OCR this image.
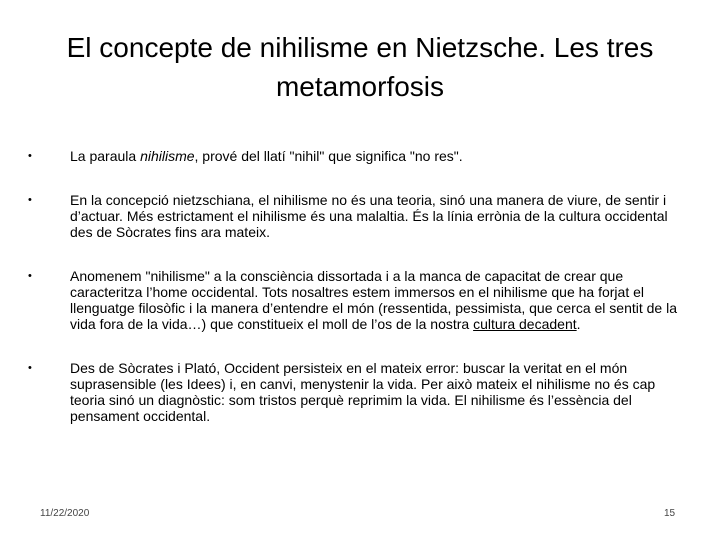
El concepte de nihilisme en Nietzsche. Les tres metamorfosis
•	La paraula nihilisme, prové del llatí "nihil" que significa "no res".
•	En la concepció nietzschiana, el nihilisme no és una teoria, sinó una manera de viure, de sentir i d’actuar. Més estrictament el nihilisme és una malaltia. És la línia errònia de la cultura occidental des de Sòcrates fins ara mateix.
•	Anomenem "nihilisme" a la consciència dissortada i a la manca de capacitat de crear que caracteritza l’home occidental. Tots nosaltres estem immersos en el nihilisme que ha forjat el llenguatge filosòfic i la manera d’entendre el món (ressentida, pessimista, que cerca el sentit de la vida fora de la vida…) que constitueix el moll de l’os de la nostra cultura decadent.
•	Des de Sòcrates i Plató, Occident persisteix en el mateix error: buscar la veritat en el món suprasensible (les Idees) i, en canvi, menystenir la vida. Per això mateix el nihilisme no és cap teoria sinó un diagnòstic: som tristos perquè reprimim la vida. El nihilisme és l’essència del pensament occidental.
11/22/2020	15
